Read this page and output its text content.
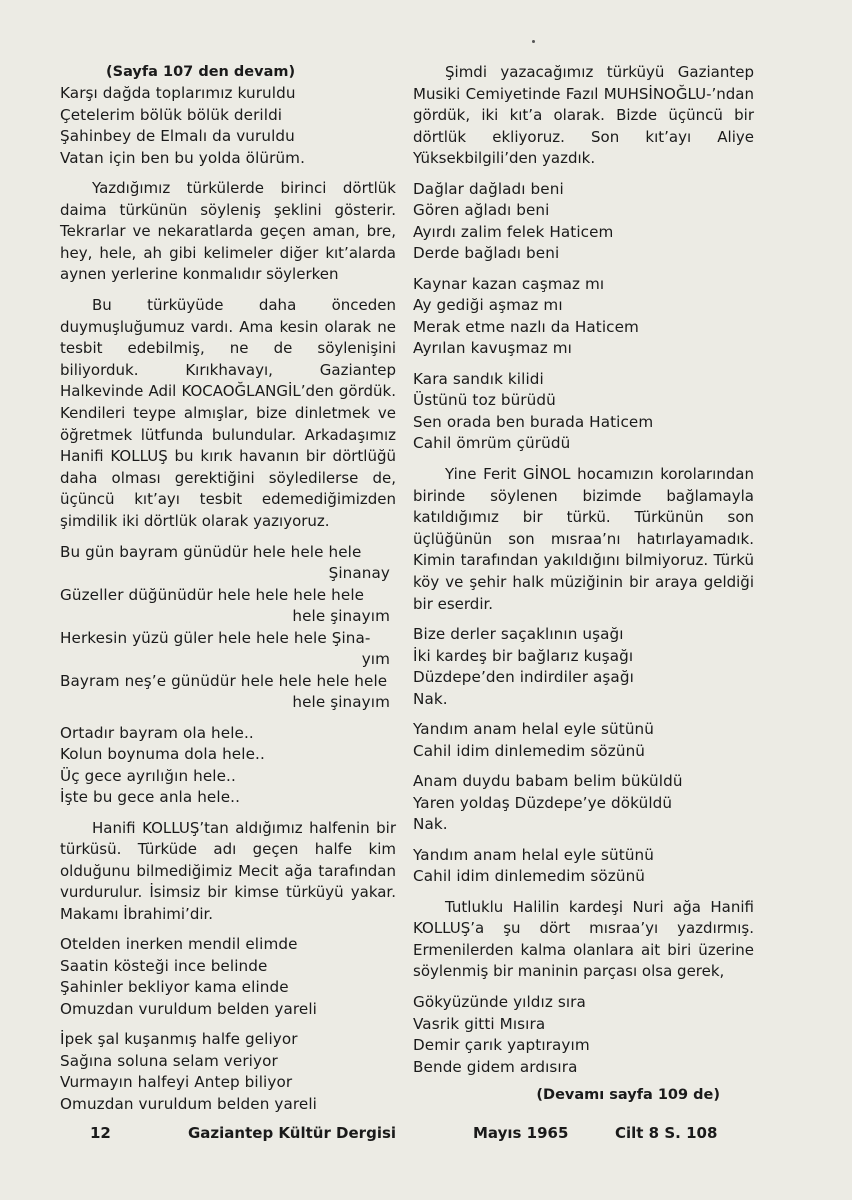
(Sayfa 107 den devam)
Karşı dağda toplarımız kuruldu
Çetelerim bölük bölük derildi
Şahinbey de Elmalı da vuruldu
Vatan için ben bu yolda ölürüm.
Yazdığımız türkülerde birinci dörtlük daima türkünün söyleniş şeklini gösterir. Tekrarlar ve nekaratlarda geçen aman, bre, hey, hele, ah gibi kelimeler diğer kıt’alarda aynen yerlerine konmalıdır söylerken
Bu türküyüde daha önceden duymuşluğumuz vardı. Ama kesin olarak ne tesbit edebilmiş, ne de söylenişini biliyorduk. Kırıkhavayı, Gaziantep Halkevinde Adil KOCAOĞLANGİL’den gördük. Kendileri teype almışlar, bize dinletmek ve öğretmek lütfunda bulundular. Arkadaşımız Hanifi KOLLUŞ bu kırık havanın bir dörtlüğü daha olması gerektiğini söyledilerse de, üçüncü kıt’ayı tesbit edemediğimizden şimdilik iki dörtlük olarak yazıyoruz.
Bu gün bayram günüdür hele hele hele
Şinanay
Güzeller düğünüdür hele hele hele hele
hele şinayım
Herkesin yüzü güler hele hele hele Şina-
yım
Bayram neş’e günüdür hele hele hele hele
hele şinayım
Ortadır bayram ola hele..
Kolun boynuma dola hele..
Üç gece ayrılığın hele..
İşte bu gece anla hele..
Hanifi KOLLUŞ’tan aldığımız halfenin bir türküsü. Türküde adı geçen halfe kim olduğunu bilmediğimiz Mecit ağa tarafından vurdurulur. İsimsiz bir kimse türküyü yakar. Makamı İbrahimi’dir.
Otelden inerken mendil elimde
Saatin kösteği ince belinde
Şahinler bekliyor kama elinde
Omuzdan vuruldum belden yareli
İpek şal kuşanmış halfe geliyor
Sağına soluna selam veriyor
Vurmayın halfeyi Antep biliyor
Omuzdan vuruldum belden yareli
Şimdi yazacağımız türküyü Gaziantep Musiki Cemiyetinde Fazıl MUHSİNOĞLU-’ndan gördük, iki kıt’a olarak. Bizde üçüncü bir dörtlük ekliyoruz. Son kıt’ayı Aliye Yüksekbilgili’den yazdık.
Dağlar dağladı beni
Gören ağladı beni
Ayırdı zalim felek Haticem
Derde bağladı beni
Kaynar kazan caşmaz mı
Ay gediği aşmaz mı
Merak etme nazlı da Haticem
Ayrılan kavuşmaz mı
Kara sandık kilidi
Üstünü toz bürüdü
Sen orada ben burada Haticem
Cahil ömrüm çürüdü
Yine Ferit GİNOL hocamızın korolarından birinde söylenen bizimde bağlamayla katıldığımız bir türkü. Türkünün son üçlüğünün son mısraa’nı hatırlayamadık. Kimin tarafından yakıldığını bilmiyoruz. Türkü köy ve şehir halk müziğinin bir araya geldiği bir eserdir.
Bize derler saçaklının uşağı
İki kardeş bir bağlarız kuşağı
Düzdepe’den indirdiler aşağı
Nak.
Yandım anam helal eyle sütünü
Cahil idim dinlemedim sözünü
Anam duydu babam belim büküldü
Yaren yoldaş Düzdepe’ye döküldü
Nak.
Yandım anam helal eyle sütünü
Cahil idim dinlemedim sözünü
Tutluklu Halilin kardeşi Nuri ağa Hanifi KOLLUŞ’a şu dört mısraa’yı yazdırmış. Ermenilerden kalma olanlara ait biri üzerine söylenmiş bir maninin parçası olsa gerek,
Gökyüzünde yıldız sıra
Vasrik gitti Mısıra
Demir çarık yaptırayım
Bende gidem ardısıra
(Devamı sayfa 109 de)
12	Gaziantep Kültür Dergisi	Mayıs 1965	Cilt 8 S. 108
